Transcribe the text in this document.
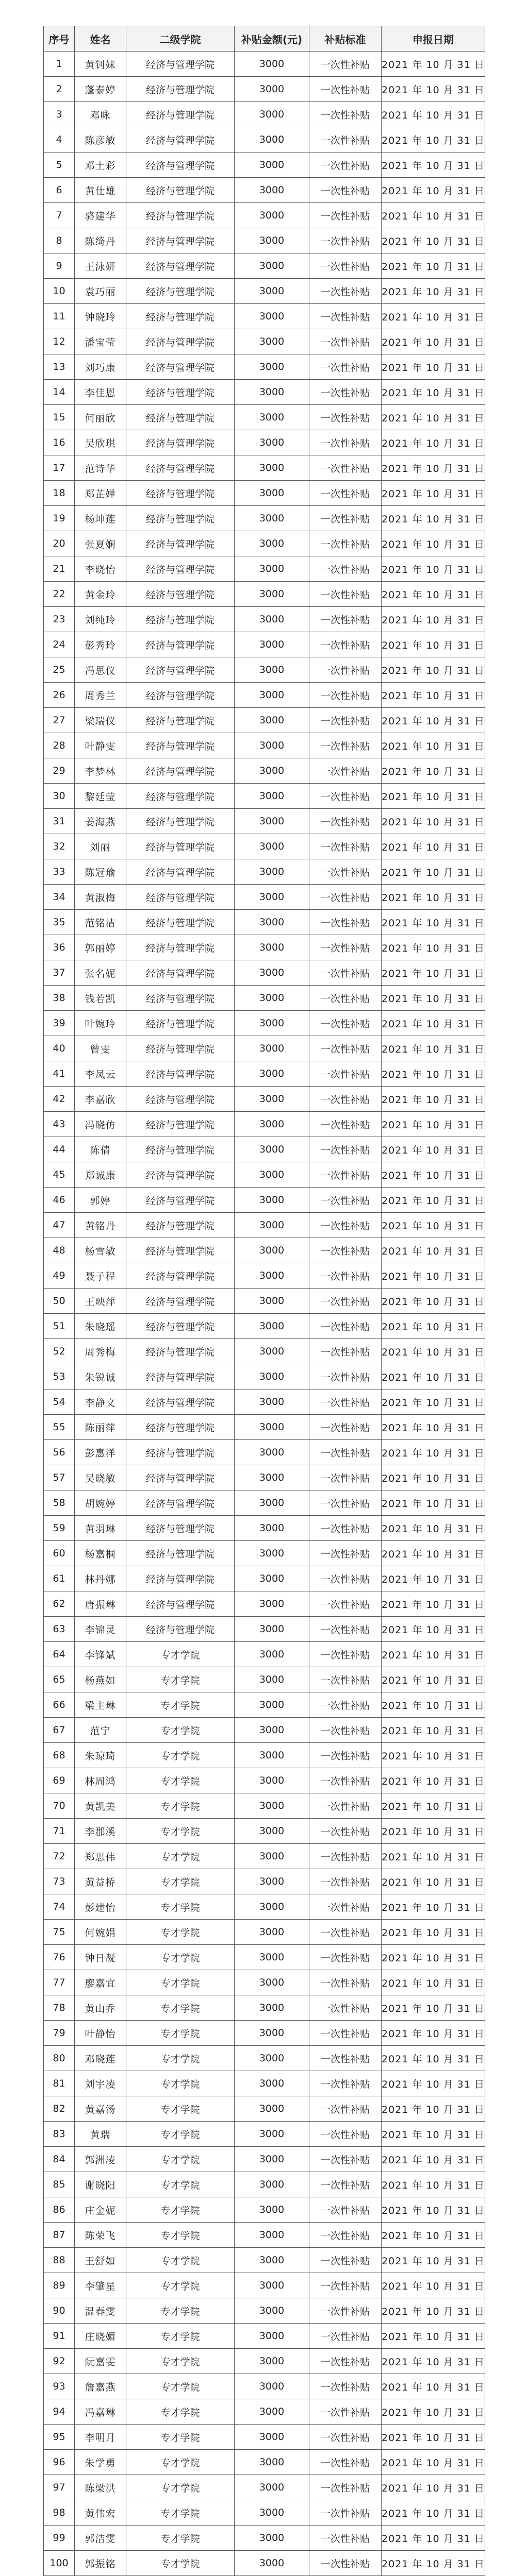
序号	姓名	二级学院	补贴金额(元)	补贴标准	申报日期
1	黄钊妹	经济与管理学院	3000	一次性补贴	2021 年 10 月 31 日
2	蓬泰婷	经济与管理学院	3000	一次性补贴	2021 年 10 月 31 日
3	邓咏	经济与管理学院	3000	一次性补贴	2021 年 10 月 31 日
4	陈彦敏	经济与管理学院	3000	一次性补贴	2021 年 10 月 31 日
5	邓土彩	经济与管理学院	3000	一次性补贴	2021 年 10 月 31 日
6	黄仕雄	经济与管理学院	3000	一次性补贴	2021 年 10 月 31 日
7	骆建华	经济与管理学院	3000	一次性补贴	2021 年 10 月 31 日
8	陈绮丹	经济与管理学院	3000	一次性补贴	2021 年 10 月 31 日
9	王泳妍	经济与管理学院	3000	一次性补贴	2021 年 10 月 31 日
10	袁巧丽	经济与管理学院	3000	一次性补贴	2021 年 10 月 31 日
11	钟晓玲	经济与管理学院	3000	一次性补贴	2021 年 10 月 31 日
12	潘宝莹	经济与管理学院	3000	一次性补贴	2021 年 10 月 31 日
13	刘巧康	经济与管理学院	3000	一次性补贴	2021 年 10 月 31 日
14	李佳恩	经济与管理学院	3000	一次性补贴	2021 年 10 月 31 日
15	何丽欣	经济与管理学院	3000	一次性补贴	2021 年 10 月 31 日
16	吴欣琪	经济与管理学院	3000	一次性补贴	2021 年 10 月 31 日
17	范诗华	经济与管理学院	3000	一次性补贴	2021 年 10 月 31 日
18	郑芷婵	经济与管理学院	3000	一次性补贴	2021 年 10 月 31 日
19	杨坤莲	经济与管理学院	3000	一次性补贴	2021 年 10 月 31 日
20	张夏娴	经济与管理学院	3000	一次性补贴	2021 年 10 月 31 日
21	李晓怡	经济与管理学院	3000	一次性补贴	2021 年 10 月 31 日
22	黄金玲	经济与管理学院	3000	一次性补贴	2021 年 10 月 31 日
23	刘纯玲	经济与管理学院	3000	一次性补贴	2021 年 10 月 31 日
24	彭秀玲	经济与管理学院	3000	一次性补贴	2021 年 10 月 31 日
25	冯思仪	经济与管理学院	3000	一次性补贴	2021 年 10 月 31 日
26	周秀兰	经济与管理学院	3000	一次性补贴	2021 年 10 月 31 日
27	梁瑞仪	经济与管理学院	3000	一次性补贴	2021 年 10 月 31 日
28	叶静雯	经济与管理学院	3000	一次性补贴	2021 年 10 月 31 日
29	李梦林	经济与管理学院	3000	一次性补贴	2021 年 10 月 31 日
30	黎廷莹	经济与管理学院	3000	一次性补贴	2021 年 10 月 31 日
31	姜海燕	经济与管理学院	3000	一次性补贴	2021 年 10 月 31 日
32	刘丽	经济与管理学院	3000	一次性补贴	2021 年 10 月 31 日
33	陈冠瑜	经济与管理学院	3000	一次性补贴	2021 年 10 月 31 日
34	黄淑梅	经济与管理学院	3000	一次性补贴	2021 年 10 月 31 日
35	范铭洁	经济与管理学院	3000	一次性补贴	2021 年 10 月 31 日
36	郭丽婷	经济与管理学院	3000	一次性补贴	2021 年 10 月 31 日
37	张名妮	经济与管理学院	3000	一次性补贴	2021 年 10 月 31 日
38	钱若凯	经济与管理学院	3000	一次性补贴	2021 年 10 月 31 日
39	叶婉玲	经济与管理学院	3000	一次性补贴	2021 年 10 月 31 日
40	曾雯	经济与管理学院	3000	一次性补贴	2021 年 10 月 31 日
41	李凤云	经济与管理学院	3000	一次性补贴	2021 年 10 月 31 日
42	李嘉欣	经济与管理学院	3000	一次性补贴	2021 年 10 月 31 日
43	冯晓仿	经济与管理学院	3000	一次性补贴	2021 年 10 月 31 日
44	陈倩	经济与管理学院	3000	一次性补贴	2021 年 10 月 31 日
45	郑诚康	经济与管理学院	3000	一次性补贴	2021 年 10 月 31 日
46	郭婷	经济与管理学院	3000	一次性补贴	2021 年 10 月 31 日
47	黄铭丹	经济与管理学院	3000	一次性补贴	2021 年 10 月 31 日
48	杨雪敏	经济与管理学院	3000	一次性补贴	2021 年 10 月 31 日
49	聂子程	经济与管理学院	3000	一次性补贴	2021 年 10 月 31 日
50	王映萍	经济与管理学院	3000	一次性补贴	2021 年 10 月 31 日
51	朱晓瑶	经济与管理学院	3000	一次性补贴	2021 年 10 月 31 日
52	周秀梅	经济与管理学院	3000	一次性补贴	2021 年 10 月 31 日
53	朱锐诚	经济与管理学院	3000	一次性补贴	2021 年 10 月 31 日
54	李静文	经济与管理学院	3000	一次性补贴	2021 年 10 月 31 日
55	陈丽萍	经济与管理学院	3000	一次性补贴	2021 年 10 月 31 日
56	彭惠洋	经济与管理学院	3000	一次性补贴	2021 年 10 月 31 日
57	吴晓敏	经济与管理学院	3000	一次性补贴	2021 年 10 月 31 日
58	胡婉婷	经济与管理学院	3000	一次性补贴	2021 年 10 月 31 日
59	黄羽琳	经济与管理学院	3000	一次性补贴	2021 年 10 月 31 日
60	杨嘉桐	经济与管理学院	3000	一次性补贴	2021 年 10 月 31 日
61	林丹娜	经济与管理学院	3000	一次性补贴	2021 年 10 月 31 日
62	唐振琳	经济与管理学院	3000	一次性补贴	2021 年 10 月 31 日
63	李锦灵	经济与管理学院	3000	一次性补贴	2021 年 10 月 31 日
64	李锋斌	专才学院	3000	一次性补贴	2021 年 10 月 31 日
65	杨燕如	专才学院	3000	一次性补贴	2021 年 10 月 31 日
66	梁主琳	专才学院	3000	一次性补贴	2021 年 10 月 31 日
67	范宁	专才学院	3000	一次性补贴	2021 年 10 月 31 日
68	朱琼琦	专才学院	3000	一次性补贴	2021 年 10 月 31 日
69	林周鸿	专才学院	3000	一次性补贴	2021 年 10 月 31 日
70	黄凯美	专才学院	3000	一次性补贴	2021 年 10 月 31 日
71	李郡溪	专才学院	3000	一次性补贴	2021 年 10 月 31 日
72	郑思伟	专才学院	3000	一次性补贴	2021 年 10 月 31 日
73	黄益桥	专才学院	3000	一次性补贴	2021 年 10 月 31 日
74	彭建怡	专才学院	3000	一次性补贴	2021 年 10 月 31 日
75	何婉娟	专才学院	3000	一次性补贴	2021 年 10 月 31 日
76	钟日凝	专才学院	3000	一次性补贴	2021 年 10 月 31 日
77	廖嘉宜	专才学院	3000	一次性补贴	2021 年 10 月 31 日
78	黄山乔	专才学院	3000	一次性补贴	2021 年 10 月 31 日
79	叶静怡	专才学院	3000	一次性补贴	2021 年 10 月 31 日
80	邓晓莲	专才学院	3000	一次性补贴	2021 年 10 月 31 日
81	刘宇凌	专才学院	3000	一次性补贴	2021 年 10 月 31 日
82	黄嘉汤	专才学院	3000	一次性补贴	2021 年 10 月 31 日
83	黄瑞	专才学院	3000	一次性补贴	2021 年 10 月 31 日
84	郭洲凌	专才学院	3000	一次性补贴	2021 年 10 月 31 日
85	谢晓阳	专才学院	3000	一次性补贴	2021 年 10 月 31 日
86	庄金妮	专才学院	3000	一次性补贴	2021 年 10 月 31 日
87	陈荣飞	专才学院	3000	一次性补贴	2021 年 10 月 31 日
88	王舒如	专才学院	3000	一次性补贴	2021 年 10 月 31 日
89	李肇星	专才学院	3000	一次性补贴	2021 年 10 月 31 日
90	温春雯	专才学院	3000	一次性补贴	2021 年 10 月 31 日
91	庄晓媚	专才学院	3000	一次性补贴	2021 年 10 月 31 日
92	阮嘉雯	专才学院	3000	一次性补贴	2021 年 10 月 31 日
93	詹嘉燕	专才学院	3000	一次性补贴	2021 年 10 月 31 日
94	冯嘉琳	专才学院	3000	一次性补贴	2021 年 10 月 31 日
95	李明月	专才学院	3000	一次性补贴	2021 年 10 月 31 日
96	朱学勇	专才学院	3000	一次性补贴	2021 年 10 月 31 日
97	陈梁洪	专才学院	3000	一次性补贴	2021 年 10 月 31 日
98	黄伟宏	专才学院	3000	一次性补贴	2021 年 10 月 31 日
99	郭洁雯	专才学院	3000	一次性补贴	2021 年 10 月 31 日
100	郭振铭	专才学院	3000	一次性补贴	2021 年 10 月 31 日
